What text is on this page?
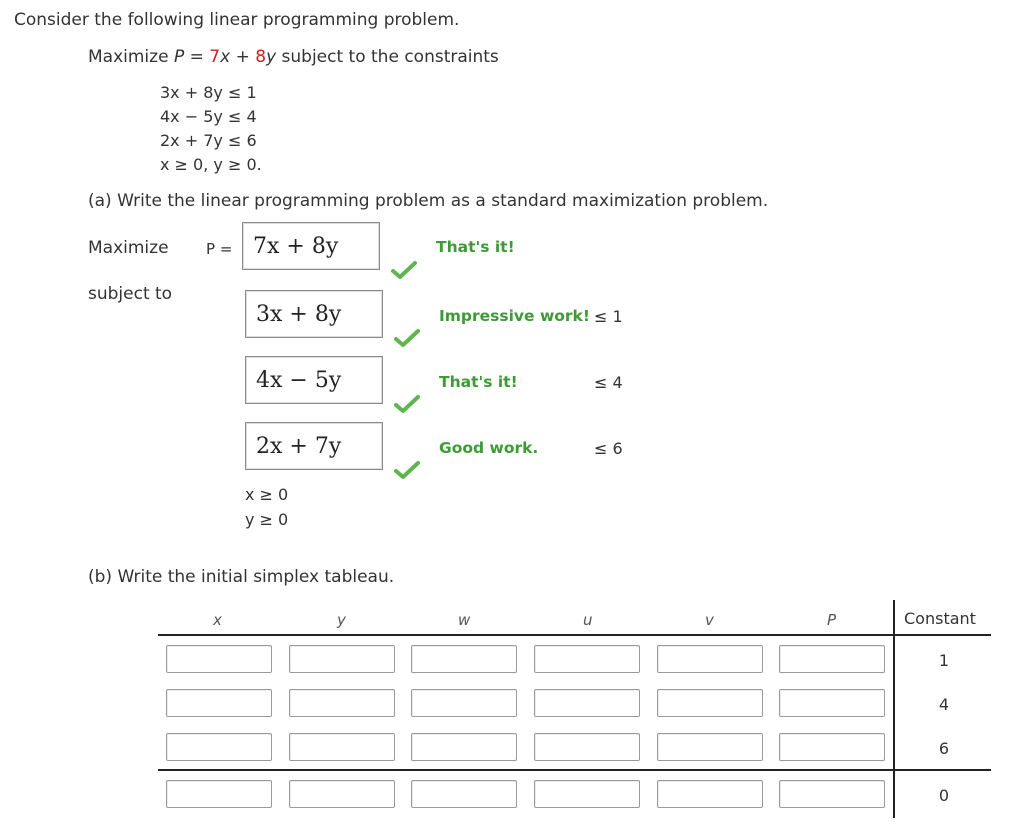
Consider the following linear programming problem.
Maximize P = 7x + 8y subject to the constraints
3x + 8y ≤ 1
4x − 5y ≤ 4
2x + 7y ≤ 6
x ≥ 0, y ≥ 0.
(a) Write the linear programming problem as a standard maximization problem.
Maximize P = 7x + 8y	That's it!
subject to
3x + 8y	Impressive work! ≤ 1
4x − 5y	That's it!	≤ 4
2x + 7y	Good work.	≤ 6
x ≥ 0
y ≥ 0
(b) Write the initial simplex tableau.
x	y	w	u	v	P	Constant
1
4
6
0
